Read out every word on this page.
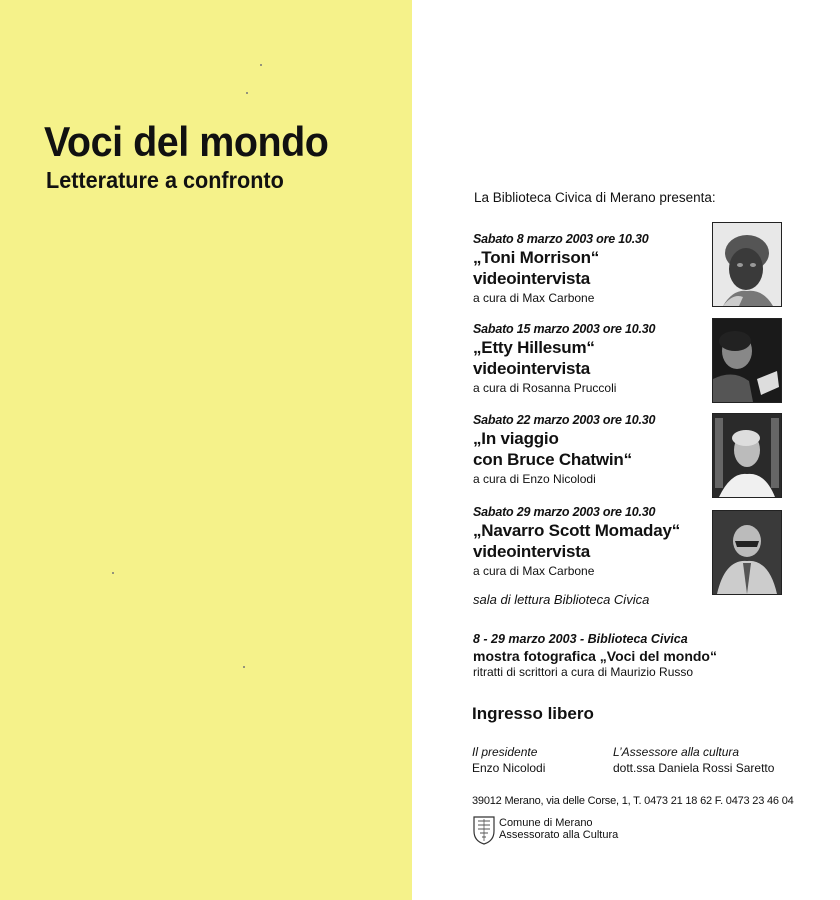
Voci del mondo
Letterature a confronto
La Biblioteca Civica di Merano presenta:
Sabato 8 marzo 2003 ore 10.30
„Toni Morrison“
videointervista
a cura di Max Carbone
Sabato 15 marzo 2003 ore 10.30
„Etty Hillesum“
videointervista
a cura di Rosanna Pruccoli
Sabato 22 marzo 2003 ore 10.30
„In viaggio
con Bruce Chatwin“
a cura di Enzo Nicolodi
Sabato 29 marzo 2003 ore 10.30
„Navarro Scott Momaday“
videointervista
a cura di Max Carbone
sala di lettura Biblioteca Civica
8 - 29 marzo 2003 - Biblioteca Civica
mostra fotografica „Voci del mondo“
ritratti di scrittori a cura di Maurizio Russo
Ingresso libero
Il presidente
Enzo Nicolodi
L’Assessore alla cultura
dott.ssa Daniela Rossi Saretto
39012 Merano, via delle Corse, 1, T. 0473 21 18 62 F. 0473 23 46 04
Comune di Merano
Assessorato alla Cultura
